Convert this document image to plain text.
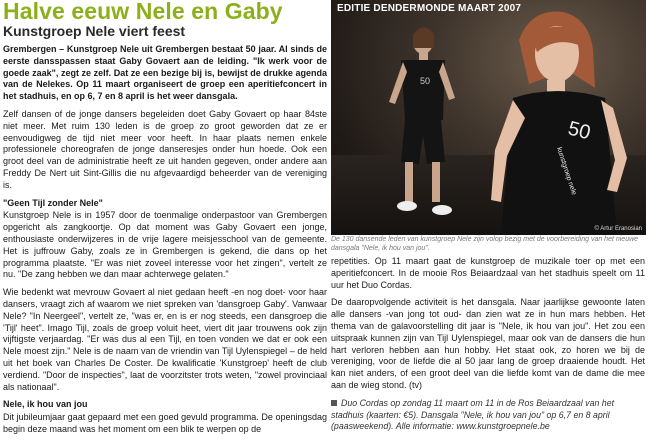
Halve eeuw Nele en Gaby
Kunstgroep Nele viert feest

Grembergen – Kunstgroep Nele uit Grembergen bestaat 50 jaar. Al sinds de eerste dansspassen staat Gaby Govaert aan de leiding. "Ik werk voor de goede zaak", zegt ze zelf. Dat ze een bezige bij is, bewijst de drukke agenda van de Nelekes. Op 11 maart organiseert de groep een aperitiefconcert in het stadhuis, en op 6, 7 en 8 april is het weer dansgala.

Zelf dansen of de jonge dansers begeleiden doet Gaby Govaert op haar 84ste niet meer. Met ruim 130 leden is de groep zo groot geworden dat ze er eenvoudigweg de tijd niet meer voor heeft. In haar plaats nemen enkele professionele choreografen de jonge danseresjes onder hun hoede. Ook een groot deel van de administratie heeft ze uit handen gegeven, onder andere aan Freddy De Nert uit Sint-Gillis die nu afgevaardigd beheerder van de vereniging is.

"Geen Tijl zonder Nele"

Kunstgroep Nele is in 1957 door de toenmalige onderpastoor van Grembergen opgericht als zangkoortje. Op dat moment was Gaby Govaert een jonge, enthousiaste onderwijzeres in de vrije lagere meisjesschool van de gemeente. Het is juffrouw Gaby, zoals ze in Grembergen is gekend, die dans op het programma plaatste. "Er was niet zoveel interesse voor het zingen", vertelt ze nu. "De zang hebben we dan maar achterwege gelaten."

Wie bedenkt wat mevrouw Govaert al niet gedaan heeft -en nog doet- voor haar dansers, vraagt zich af waarom we niet spreken van 'dansgroep Gaby'. Vanwaar Nele? "In Neergeel", vertelt ze, "was er, en is er nog steeds, een dansgroep die 'Tijl' heet". Imago Tijl, zoals de groep voluit heet, viert dit jaar trouwens ook zijn vijftigste verjaardag. "Er was dus al een Tijl, en toen vonden we dat er ook een Nele moest zijn." Nele is de naam van de vriendin van Tijl Uylenspiegel – de held uit het boek van Charles De Coster. De kwalificatie 'Kunstgroep' heeft de club verdiend. "Door de inspecties", laat de voorzitster trots weten, "zowel provinciaal als nationaal".

Nele, ik hou van jou

Dit jubileumjaar gaat gepaard met een goed gevuld programma. De openingsdag begin deze maand was het moment om een blik te werpen op de

50
50
kunstgroep nele
EDITIE DENDERMONDE MAART 2007
© Artur Eranosian
De 130 dansende leden van kunstgroep Nele zijn volop bezig met de voorbereiding van het nieuwe dansgala "Nele, ik hou van jou".

repetities. Op 11 maart gaat de kunstgroep de muzikale toer op met een aperitiefconcert. In de mooie Ros Beiaardzaal van het stadhuis speelt om 11 uur het Duo Cordas.

De daaropvolgende activiteit is het dansgala. Naar jaarlijkse gewoonte laten alle dansers -van jong tot oud- dan zien wat ze in hun mars hebben. Het thema van de galavoorstelling dit jaar is "Nele, ik hou van jou". Het zou een uitspraak kunnen zijn van Tijl Uylenspiegel, maar ook van de dansers die hun hart verloren hebben aan hun hobby. Het staat ook, zo horen we bij de vereniging, voor de liefde die al 50 jaar lang de groep draaiende houdt. Het kan niet anders, of een groot deel van die liefde komt van de dame die mee aan de wieg stond. (tv)

Duo Cordas op zondag 11 maart om 11 in de Ros Beiaardzaal van het stadhuis (kaarten: €5). Dansgala "Nele, ik hou van jou" op 6,7 en 8 april (paasweekend). Alle informatie: www.kunstgroepnele.be
